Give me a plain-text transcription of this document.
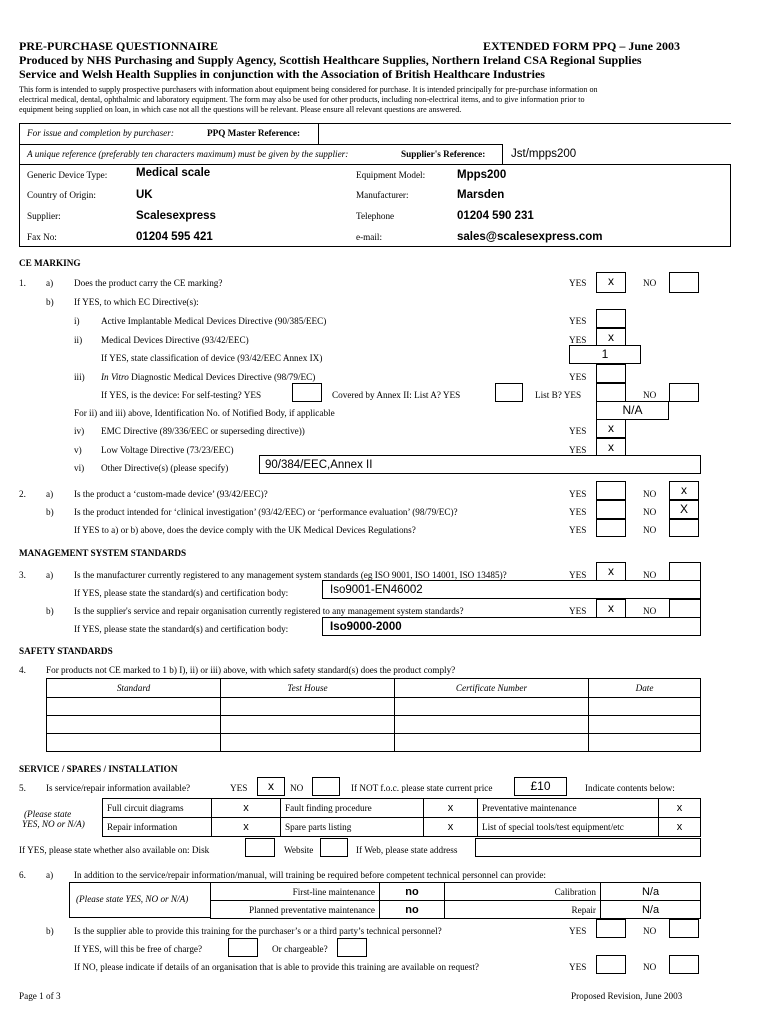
PRE-PURCHASE QUESTIONNAIRE	EXTENDED FORM PPQ – June 2003
Produced by NHS Purchasing and Supply Agency, Scottish Healthcare Supplies, Northern Ireland CSA Regional Supplies
Service and Welsh Health Supplies in conjunction with the Association of British Healthcare Industries
This form is intended to supply prospective purchasers with information about equipment being considered for purchase. It is intended principally for pre-purchase information on
electrical medical, dental, ophthalmic and laboratory equipment. The form may also be used for other products, including non-electrical items, and to give information prior to
equipment being supplied on loan, in which case not all the questions will be relevant. Please ensure all relevant questions are answered.
For issue and completion by purchaser:	PPQ Master Reference:
A unique reference (preferably ten characters maximum) must be given by the supplier:	Supplier's Reference: Jst/mpps200
Generic Device Type: Medical scale	Equipment Model:	Mpps200
Country of Origin:	UK	Manufacturer:	Marsden
Supplier:	Scalesexpress	Telephone	01204 590 231
Fax No:	01204 595 421	e-mail:	sales@scalesexpress.com
CE MARKING
1. a) Does the product carry the CE marking?	YES	x	NO
b) If YES, to which EC Directive(s):
i) Active Implantable Medical Devices Directive (90/385/EEC)	YES
ii) Medical Devices Directive (93/42/EEC)	YES	x
If YES, state classification of device (93/42/EEC Annex IX)	1
iii) In Vitro Diagnostic Medical Devices Directive (98/79/EC)	YES
If YES, is the device: For self-testing? YES	Covered by Annex II: List A? YES	List B? YES	NO
For ii) and iii) above, Identification No. of Notified Body, if applicable	N/A
iv) EMC Directive (89/336/EEC or superseding directive))	YES	x
v) Low Voltage Directive (73/23/EEC)	YES	x
vi) Other Directive(s) (please specify)	90/384/EEC,Annex II
2. a) Is the product a ‘custom-made device’ (93/42/EEC)?	YES	NO	x
b) Is the product intended for ‘clinical investigation’ (93/42/EEC) or ‘performance evaluation’ (98/79/EC)?	YES	NO	X
If YES to a) or b) above, does the device comply with the UK Medical Devices Regulations?	YES	NO
MANAGEMENT SYSTEM STANDARDS
3. a) Is the manufacturer currently registered to any management system standards (eg ISO 9001, ISO 14001, ISO 13485)?	YES	x	NO
If YES, please state the standard(s) and certification body:	Iso9001-EN46002
b) Is the supplier's service and repair organisation currently registered to any management system standards?	YES	x	NO
If YES, please state the standard(s) and certification body:	Iso9000-2000
SAFETY STANDARDS
4. For products not CE marked to 1 b) I), ii) or iii) above, with which safety standard(s) does the product comply?
Standard	Test House	Certificate Number	Date

SERVICE / SPARES / INSTALLATION
5. Is service/repair information available?	YES	x	NO	If NOT f.o.c. please state current price	£10	Indicate contents below:
(Please state
YES, NO or N/A)
Full circuit diagrams	x	Fault finding procedure	x	Preventative maintenance	x
Repair information	x	Spare parts listing	x	List of special tools/test equipment/etc	x
If YES, please state whether also available on: Disk	Website	If Web, please state address
6. a) In addition to the service/repair information/manual, will training be required before competent technical personnel can provide:
(Please state YES, NO or N/A)
First-line maintenance	no	Calibration	N/a
Planned preventative maintenance	no	Repair	N/a
b) Is the supplier able to provide this training for the purchaser’s or a third party’s technical personnel?	YES	NO
If YES, will this be free of charge?	Or chargeable?
If NO, please indicate if details of an organisation that is able to provide this training are available on request?	YES	NO
Page 1 of 3	Proposed Revision, June 2003
